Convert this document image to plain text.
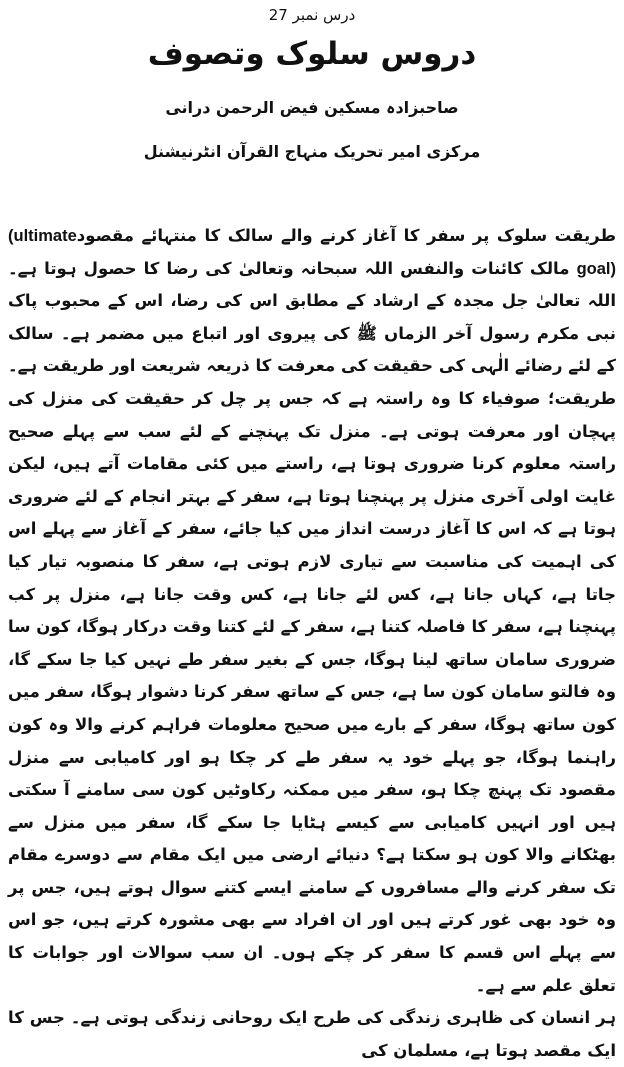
درس نمبر 27
دروس سلوک وتصوف
صاحبزادہ مسکین فیض الرحمن درانی
مرکزی امیر تحریک منہاج القرآن انٹرنیشنل

طریقت سلوک پر سفر کا آغاز کرنے والے سالک کا منتہائے مقصود(ultimate goal) مالک کائنات والنفس اللہ سبحانہ وتعالیٰ کی رضا کا حصول ہوتا ہے۔ اللہ تعالیٰ جل مجدہ کے ارشاد کے مطابق اس کی رضا، اس کے محبوب پاک نبی مکرم رسول آخر الزماں ﷺ کی پیروی اور اتباع میں مضمر ہے۔ سالک کے لئے رضائے الٰہی کی حقیقت کی معرفت کا ذریعہ شریعت اور طریقت ہے۔ طریقت؛ صوفیاء کا وہ راستہ ہے کہ جس پر چل کر حقیقت کی منزل کی پہچان اور معرفت ہوتی ہے۔ منزل تک پہنچنے کے لئے سب سے پہلے صحیح راستہ معلوم کرنا ضروری ہوتا ہے، راستے میں کئی مقامات آتے ہیں، لیکن غایت اولی آخری منزل پر پہنچنا ہوتا ہے، سفر کے بہتر انجام کے لئے ضروری ہوتا ہے کہ اس کا آغاز درست انداز میں کیا جائے، سفر کے آغاز سے پہلے اس کی اہمیت کی مناسبت سے تیاری لازم ہوتی ہے، سفر کا منصوبہ تیار کیا جاتا ہے، کہاں جانا ہے، کس لئے جانا ہے، کس وقت جانا ہے، منزل پر کب پہنچنا ہے، سفر کا فاصلہ کتنا ہے، سفر کے لئے کتنا وقت درکار ہوگا، کون سا ضروری سامان ساتھ لینا ہوگا، جس کے بغیر سفر طے نہیں کیا جا سکے گا، وہ فالتو سامان کون سا ہے، جس کے ساتھ سفر کرنا دشوار ہوگا، سفر میں کون ساتھ ہوگا، سفر کے بارے میں صحیح معلومات فراہم کرنے والا وہ کون راہنما ہوگا، جو پہلے خود یہ سفر طے کر چکا ہو اور کامیابی سے منزل مقصود تک پہنچ چکا ہو، سفر میں ممکنہ رکاوٹیں کون سی سامنے آ سکتی ہیں اور انہیں کامیابی سے کیسے ہٹایا جا سکے گا، سفر میں منزل سے بھٹکانے والا کون ہو سکتا ہے؟ دنیائے ارضی میں ایک مقام سے دوسرے مقام تک سفر کرنے والے مسافروں کے سامنے ایسے کتنے سوال ہوتے ہیں، جس پر وہ خود بھی غور کرتے ہیں اور ان افراد سے بھی مشورہ کرتے ہیں، جو اس سے پہلے اس قسم کا سفر کر چکے ہوں۔ ان سب سوالات اور جوابات کا تعلق علم سے ہے۔

ہر انسان کی ظاہری زندگی کی طرح ایک روحانی زندگی ہوتی ہے۔ جس کا ایک مقصد ہوتا ہے، مسلمان کی
